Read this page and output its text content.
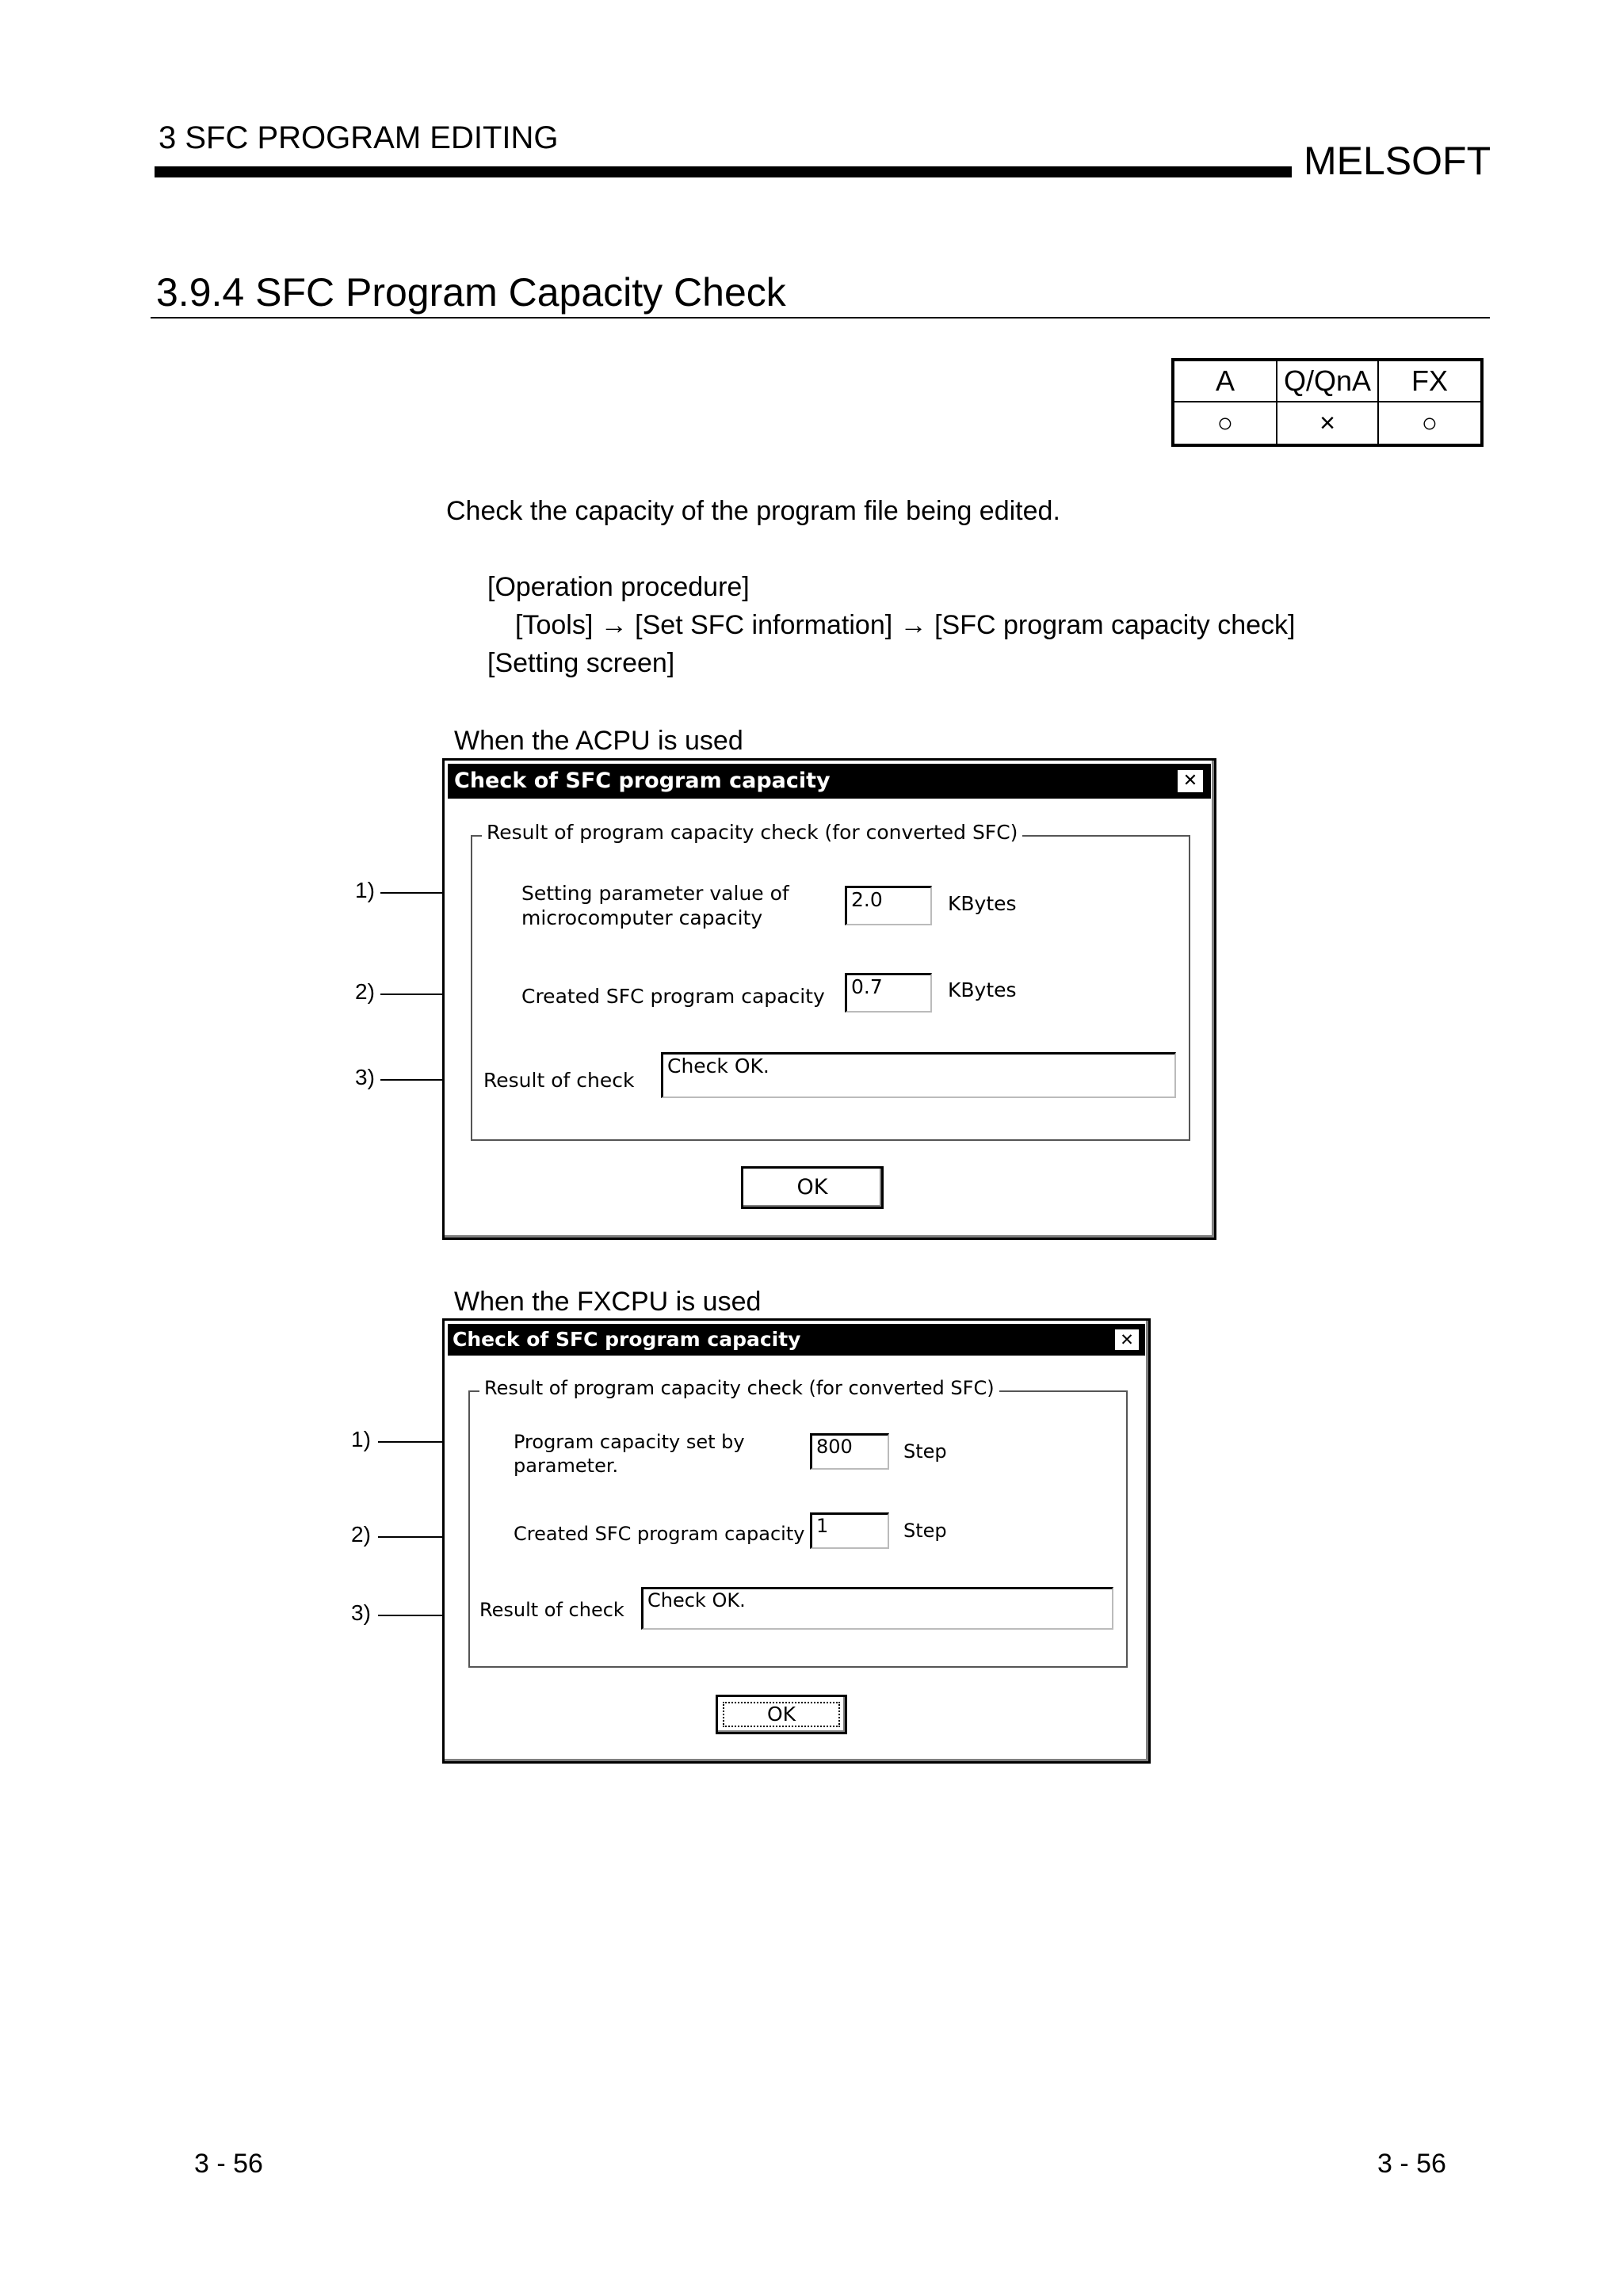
3 SFC PROGRAM EDITING
MELSOFT
3.9.4 SFC Program Capacity Check
A	Q/QnA	FX
○	×	○
Check the capacity of the program file being edited.
[Operation procedure]
[Tools] → [Set SFC information] → [SFC program capacity check]
[Setting screen]
When the ACPU is used
1)
2)
3)
Check of SFC program capacity	✕
Result of program capacity check (for converted SFC)
Setting parameter value of
microcomputer capacity
2.0	KBytes
Created SFC program capacity	0.7	KBytes
Result of check
Check OK.
OK
When the FXCPU is used
1)
2)
3)
Check of SFC program capacity	✕
Result of program capacity check (for converted SFC)
Program capacity set by
parameter.
800	Step
Created SFC program capacity 1	Step
Result of check	Check OK.
OK
3 - 56	3 - 56
